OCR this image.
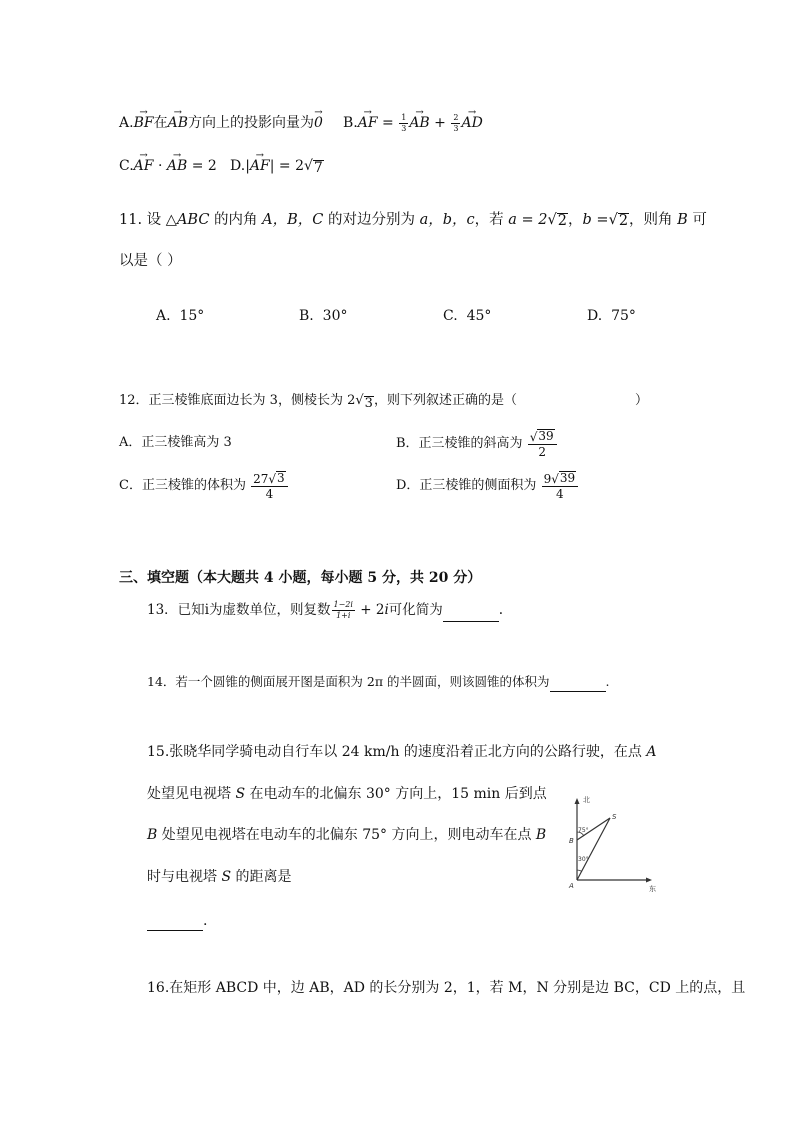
A.→ BF在→ AB方向上的投影向量为→ 0 B.→ AF = $\frac{1}{3}$ → AB + $\frac{2}{3}$ → AD
C.→ AF · → AB = 2 D.|→ AF| = 2√ 7
11. 设 △ABC 的内角 A，B，C 的对边分别为 a，b，c，若 a = 2√ 2 ，b =√ 2 ，则角 B 可
以是（ ）
A. 15°	B. 30°	C. 45°	D. 75°
12．正三棱锥底面边长为 3，侧棱长为 2√ 3 ，则下列叙述正确的是（	）
A．正三棱锥高为 3	B．正三棱锥的斜高为 $\frac{√ 39}{2}$
C．正三棱锥的体积为 $\frac{27√ 3}{4}$	D．正三棱锥的侧面积为 $\frac{9√ 39}{4}$
三、填空题（本大题共 4 小题，每小题 5 分，共 20 分）
13．已知i为虚数单位，则复数 $\frac{1-2i}{1+i} + 2i$可化简为	.
14．若一个圆锥的侧面展开图是面积为 2π 的半圆面，则该圆锥的体积为	.
15.张晓华同学骑电动自行车以 24 km/h 的速度沿着正北方向的公路行驶，在点 A
处望见电视塔 S 在电动车的北偏东 30° 方向上，15 min 后到点
B 处望见电视塔在电动车的北偏东 75° 方向上，则电动车在点 B
时与电视塔 S 的距离是
.
北
东
A
B
S
75°
30°
16.在矩形 ABCD 中，边 AB，AD 的长分别为 2，1，若 M，N 分别是边 BC，CD 上的点，且
